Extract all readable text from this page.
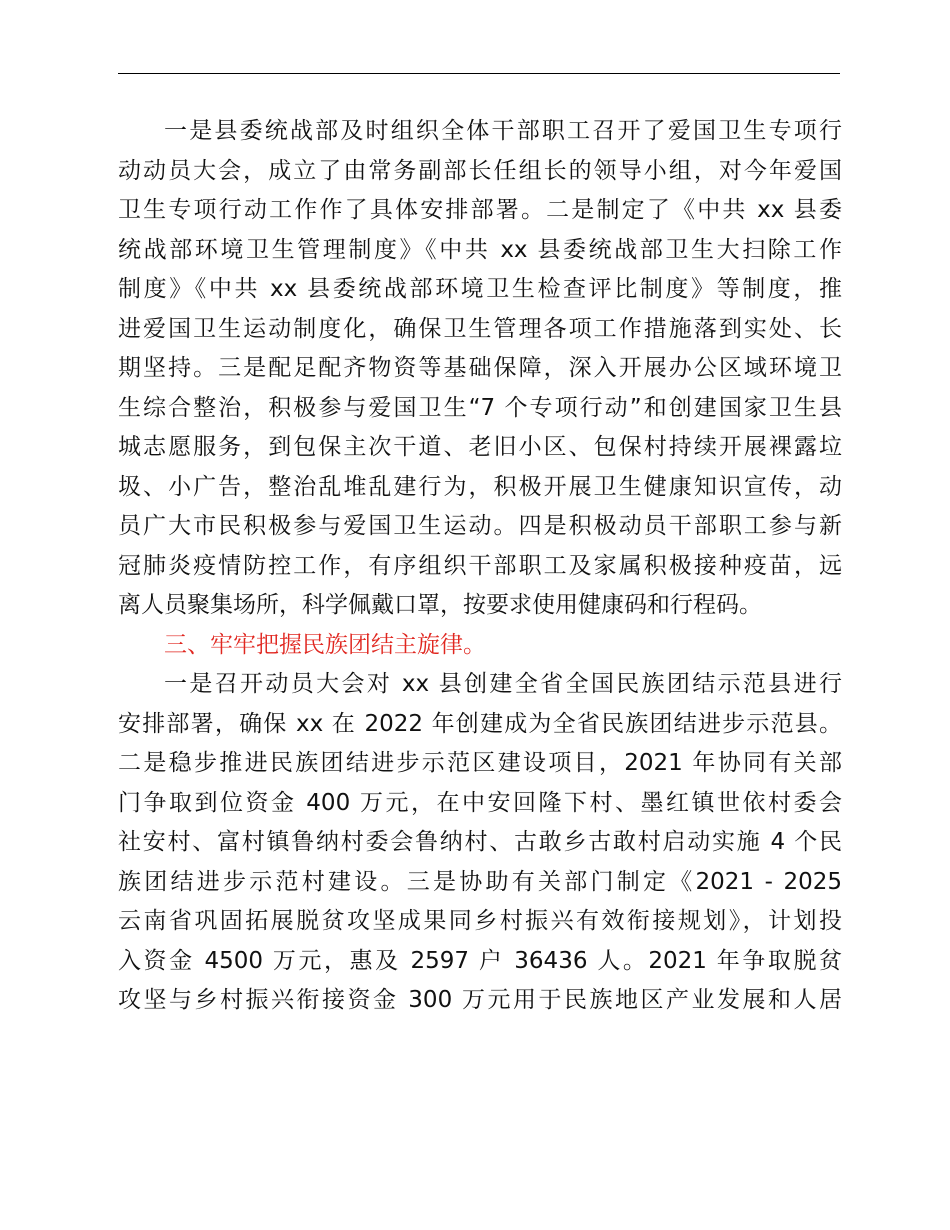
一是县委统战部及时组织全体干部职工召开了爱国卫生专项行
动动员大会，成立了由常务副部长任组长的领导小组，对今年爱国
卫生专项行动工作作了具体安排部署。二是制定了《中共 xx 县委
统战部环境卫生管理制度》《中共 xx 县委统战部卫生大扫除工作
制度》《中共 xx 县委统战部环境卫生检查评比制度》等制度，推
进爱国卫生运动制度化，确保卫生管理各项工作措施落到实处、长
期坚持。三是配足配齐物资等基础保障，深入开展办公区域环境卫
生综合整治，积极参与爱国卫生“7 个专项行动”和创建国家卫生县
城志愿服务，到包保主次干道、老旧小区、包保村持续开展裸露垃
圾、小广告，整治乱堆乱建行为，积极开展卫生健康知识宣传，动
员广大市民积极参与爱国卫生运动。四是积极动员干部职工参与新
冠肺炎疫情防控工作，有序组织干部职工及家属积极接种疫苗，远
离人员聚集场所，科学佩戴口罩，按要求使用健康码和行程码。
三、牢牢把握民族团结主旋律。
一是召开动员大会对 xx 县创建全省全国民族团结示范县进行
安排部署，确保 xx 在 2022 年创建成为全省民族团结进步示范县。
二是稳步推进民族团结进步示范区建设项目，2021 年协同有关部
门争取到位资金 400 万元，在中安回隆下村、墨红镇世依村委会
社安村、富村镇鲁纳村委会鲁纳村、古敢乡古敢村启动实施 4 个民
族团结进步示范村建设。三是协助有关部门制定《2021 - 2025
云南省巩固拓展脱贫攻坚成果同乡村振兴有效衔接规划》，计划投
入资金 4500 万元，惠及 2597 户 36436 人。2021 年争取脱贫
攻坚与乡村振兴衔接资金 300 万元用于民族地区产业发展和人居
